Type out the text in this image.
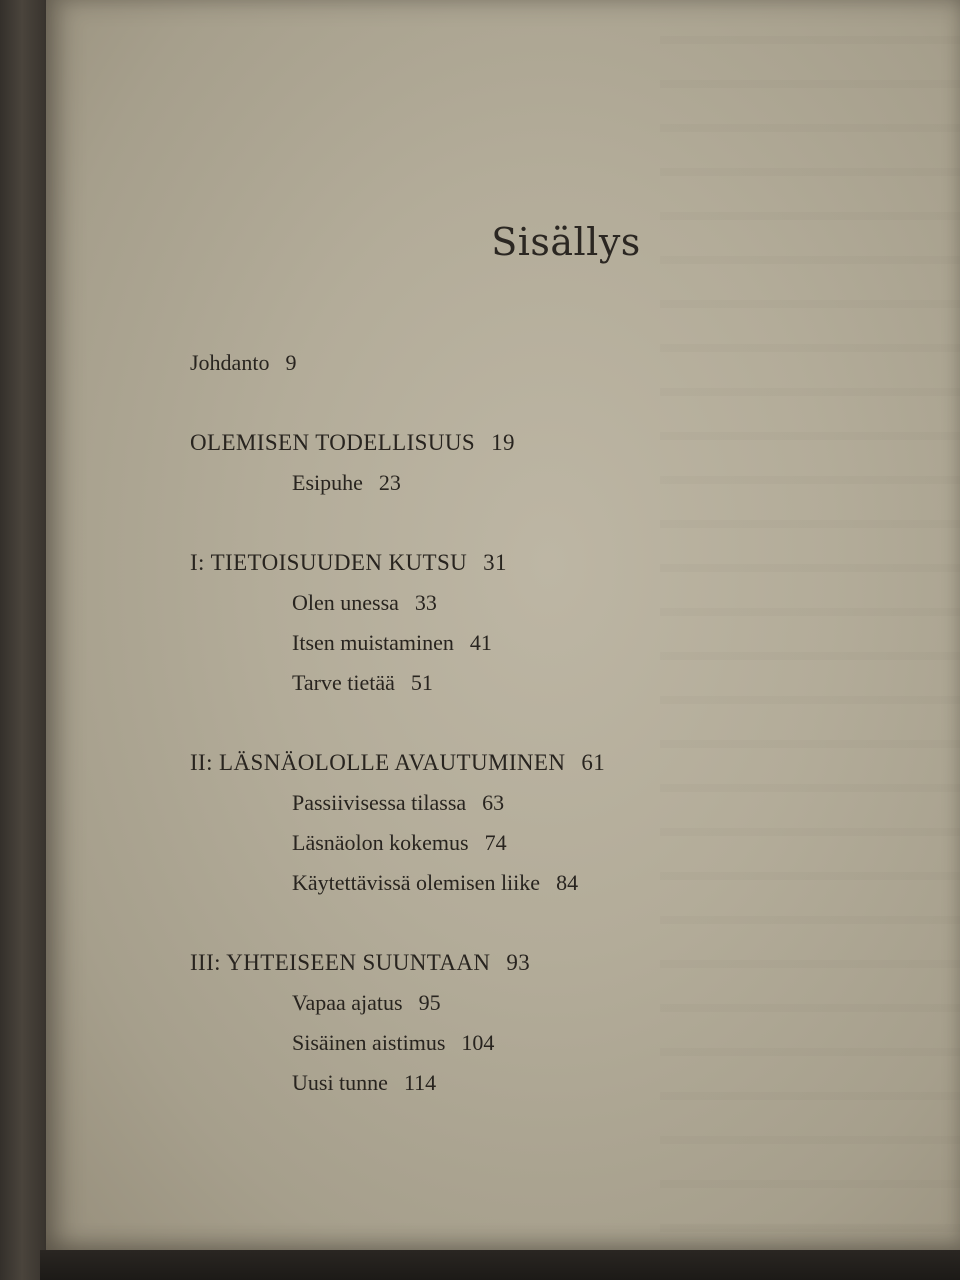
Sisällys
Johdanto 9
OLEMISEN TODELLISUUS 19
Esipuhe 23
I: TIETOISUUDEN KUTSU 31
Olen unessa 33
Itsen muistaminen 41
Tarve tietää 51
II: LÄSNÄOLOLLE AVAUTUMINEN 61
Passiivisessa tilassa 63
Läsnäolon kokemus 74
Käytettävissä olemisen liike 84
III: YHTEISEEN SUUNTAAN 93
Vapaa ajatus 95
Sisäinen aistimus 104
Uusi tunne 114
